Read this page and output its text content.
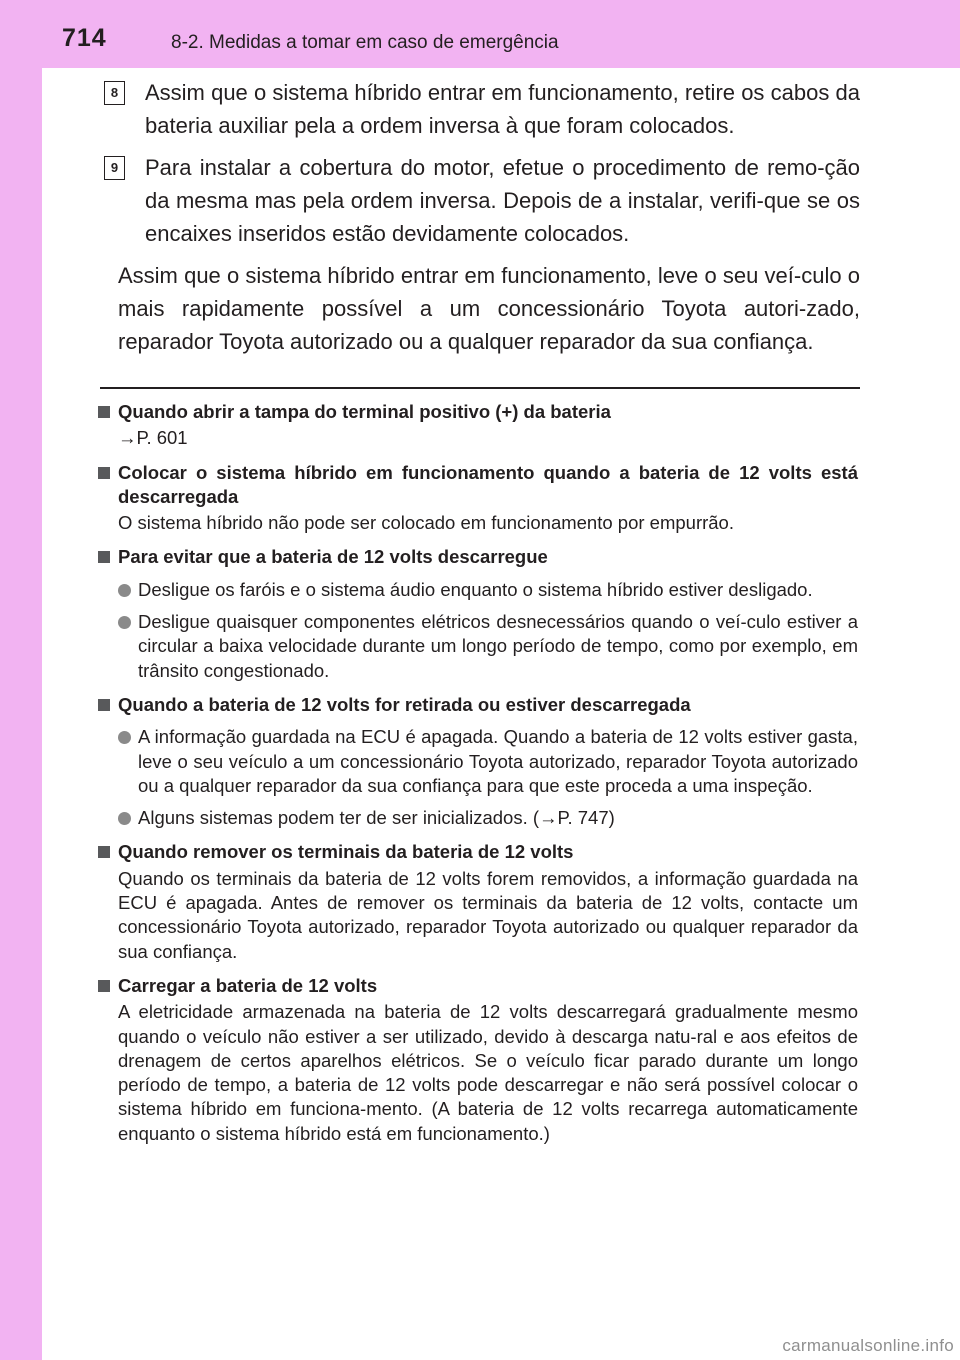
714	8-2. Medidas a tomar em caso de emergência
8	Assim que o sistema híbrido entrar em funcionamento, retire os cabos da bateria auxiliar pela a ordem inversa à que foram colocados.
9	Para instalar a cobertura do motor, efetue o procedimento de remo-ção da mesma mas pela ordem inversa. Depois de a instalar, verifi-que se os encaixes inseridos estão devidamente colocados.
Assim que o sistema híbrido entrar em funcionamento, leve o seu veí-culo o mais rapidamente possível a um concessionário Toyota autori-zado, reparador Toyota autorizado ou a qualquer reparador da sua confiança.
Quando abrir a tampa do terminal positivo (+) da bateria
→P. 601
Colocar o sistema híbrido em funcionamento quando a bateria de 12 volts está descarregada
O sistema híbrido não pode ser colocado em funcionamento por empurrão.
Para evitar que a bateria de 12 volts descarregue
Desligue os faróis e o sistema áudio enquanto o sistema híbrido estiver desligado.
Desligue quaisquer componentes elétricos desnecessários quando o veí-culo estiver a circular a baixa velocidade durante um longo período de tempo, como por exemplo, em trânsito congestionado.
Quando a bateria de 12 volts for retirada ou estiver descarregada
A informação guardada na ECU é apagada. Quando a bateria de 12 volts estiver gasta, leve o seu veículo a um concessionário Toyota autorizado, reparador Toyota autorizado ou a qualquer reparador da sua confiança para que este proceda a uma inspeção.
Alguns sistemas podem ter de ser inicializados. (→P. 747)
Quando remover os terminais da bateria de 12 volts
Quando os terminais da bateria de 12 volts forem removidos, a informação guardada na ECU é apagada. Antes de remover os terminais da bateria de 12 volts, contacte um concessionário Toyota autorizado, reparador Toyota autorizado ou qualquer reparador da sua confiança.
Carregar a bateria de 12 volts
A eletricidade armazenada na bateria de 12 volts descarregará gradualmente mesmo quando o veículo não estiver a ser utilizado, devido à descarga natu-ral e aos efeitos de drenagem de certos aparelhos elétricos. Se o veículo ficar parado durante um longo período de tempo, a bateria de 12 volts pode descarregar e não será possível colocar o sistema híbrido em funciona-mento. (A bateria de 12 volts recarrega automaticamente enquanto o sistema híbrido está em funcionamento.)
carmanualsonline.info
